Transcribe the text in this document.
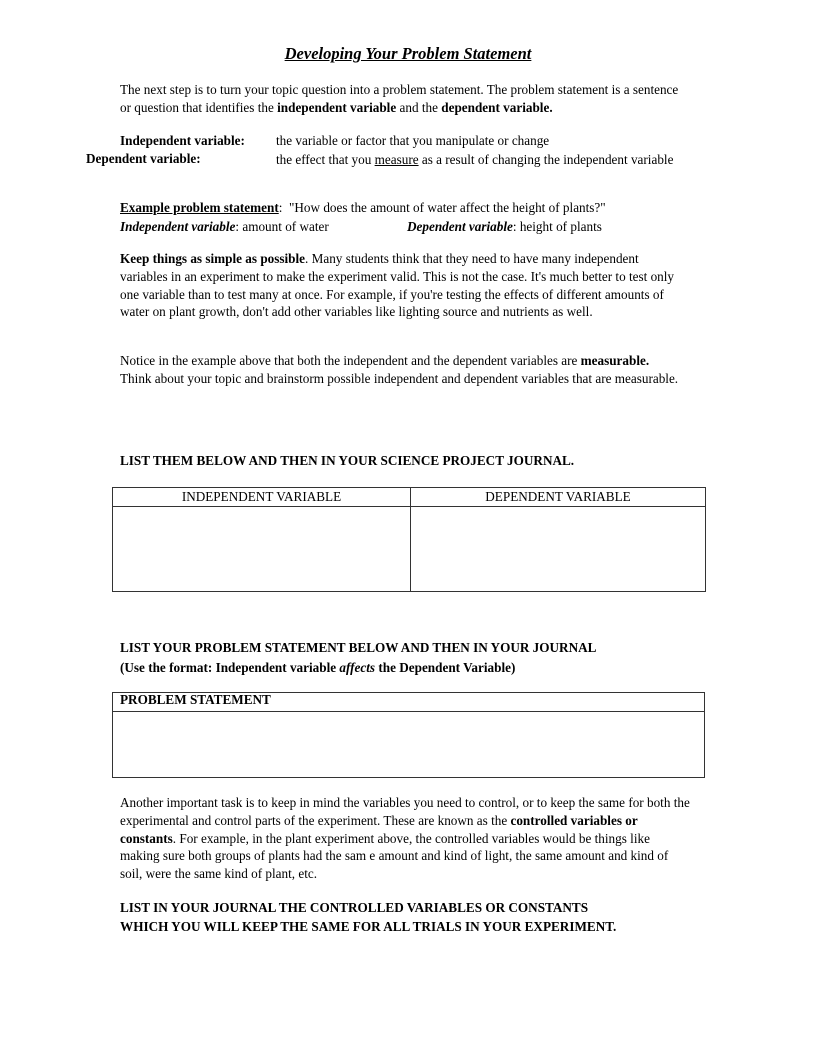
Developing Your Problem Statement
The next step is to turn your topic question into a problem statement. The problem statement is a sentence or question that identifies the independent variable and the dependent variable.
Independent variable: the variable or factor that you manipulate or change
Dependent variable:	the effect that you measure as a result of changing the independent variable
Example problem statement: "How does the amount of water affect the height of plants?"
Independent variable: amount of water	Dependent variable: height of plants
Keep things as simple as possible. Many students think that they need to have many independent variables in an experiment to make the experiment valid. This is not the case. It's much better to test only one variable than to test many at once. For example, if you're testing the effects of different amounts of water on plant growth, don't add other variables like lighting source and nutrients as well.
Notice in the example above that both the independent and the dependent variables are measurable. Think about your topic and brainstorm possible independent and dependent variables that are measurable.
LIST THEM BELOW AND THEN IN YOUR SCIENCE PROJECT JOURNAL.
INDEPENDENT VARIABLE	DEPENDENT VARIABLE

LIST YOUR PROBLEM STATEMENT BELOW AND THEN IN YOUR JOURNAL
(Use the format: Independent variable affects the Dependent Variable)
PROBLEM STATEMENT
Another important task is to keep in mind the variables you need to control, or to keep the same for both the experimental and control parts of the experiment. These are known as the controlled variables or constants. For example, in the plant experiment above, the controlled variables would be things like making sure both groups of plants had the sam e amount and kind of light, the same amount and kind of soil, were the same kind of plant, etc.
LIST IN YOUR JOURNAL THE CONTROLLED VARIABLES OR CONSTANTS
WHICH YOU WILL KEEP THE SAME FOR ALL TRIALS IN YOUR EXPERIMENT.
